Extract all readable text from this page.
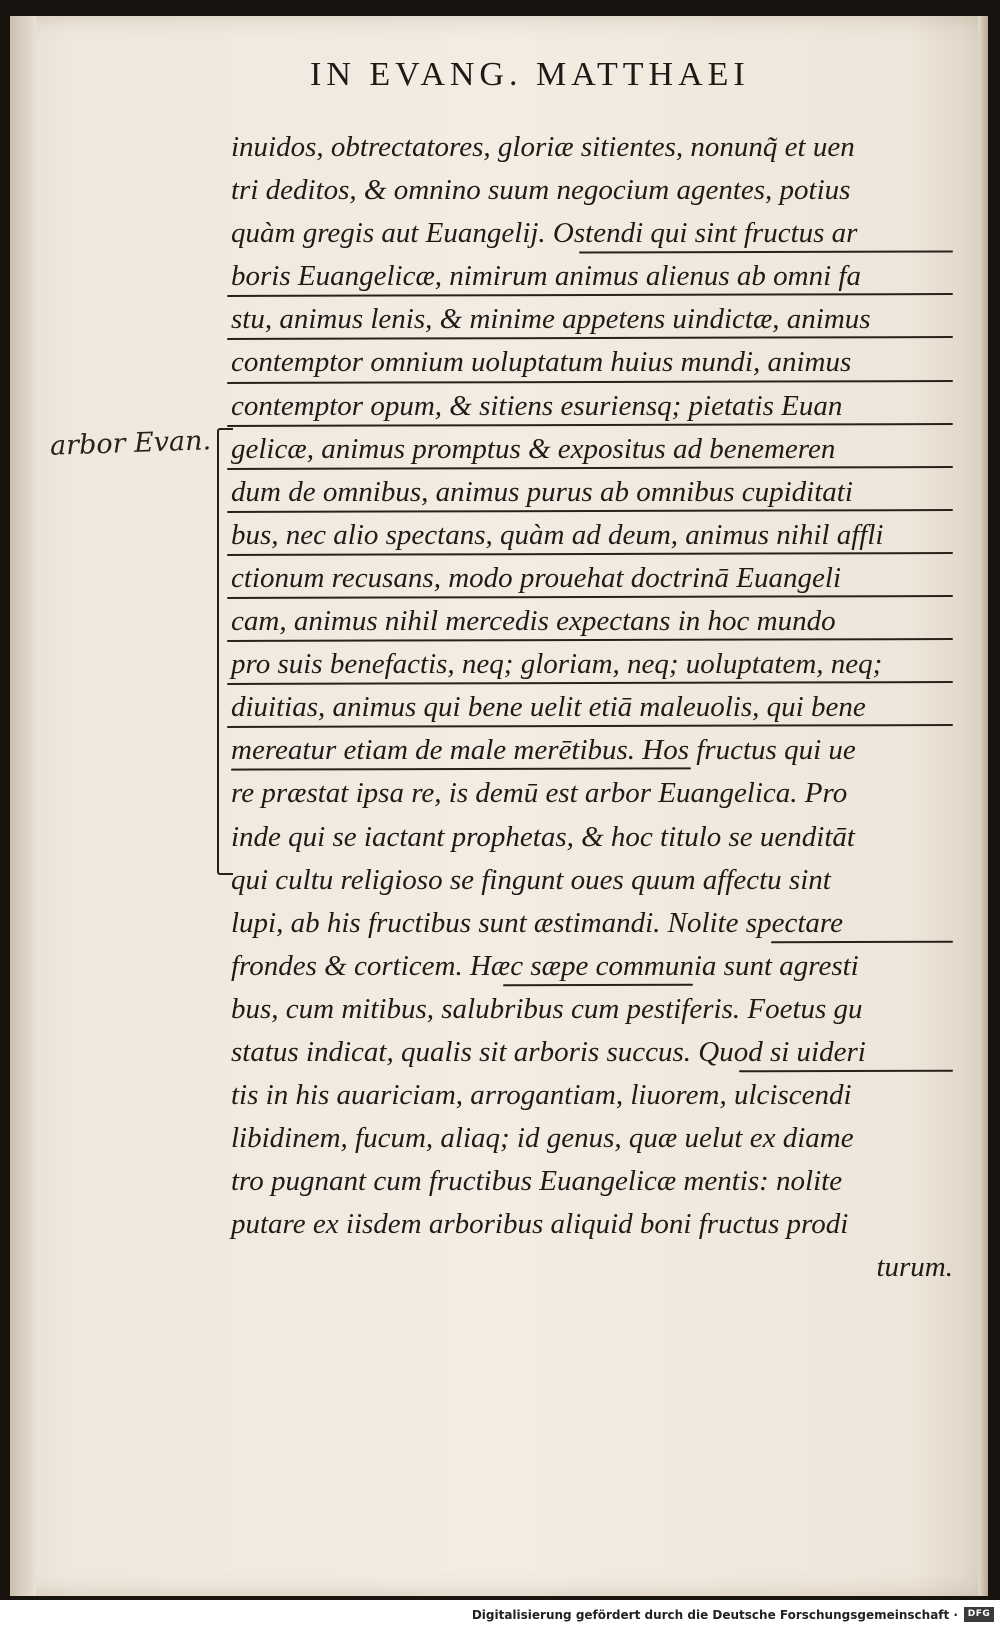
IN EVANG. MATTHAEI
arbor Evan.
inuidos, obtrectatores, gloriæ sitientes, nonunq̃ et uen
tri deditos, & omnino suum negocium agentes, potius
quàm gregis aut Euangelij. Ostendi qui sint fructus ar
boris Euangelicæ, nimirum animus alienus ab omni fa
stu, animus lenis, & minime appetens uindictæ, animus
contemptor omnium uoluptatum huius mundi, animus
contemptor opum, & sitiens esuriensq; pietatis Euan
gelicæ, animus promptus & expositus ad benemeren
dum de omnibus, animus purus ab omnibus cupiditati
bus, nec alio spectans, quàm ad deum, animus nihil affli
ctionum recusans, modo prouehat doctrinā Euangeli
cam, animus nihil mercedis expectans in hoc mundo
pro suis benefactis, neq; gloriam, neq; uoluptatem, neq;
diuitias, animus qui bene uelit etiā maleuolis, qui bene
mereatur etiam de male merētibus. Hos fructus qui ue
re præstat ipsa re, is demū est arbor Euangelica. Pro
inde qui se iactant prophetas, & hoc titulo se uenditāt
qui cultu religioso se fingunt oues quum affectu sint
lupi, ab his fructibus sunt æstimandi. Nolite spectare
frondes & corticem. Hæc sæpe communia sunt agresti
bus, cum mitibus, salubribus cum pestiferis. Foetus gu
status indicat, qualis sit arboris succus. Quod si uideri
tis in his auariciam, arrogantiam, liuorem, ulciscendi
libidinem, fucum, aliaq; id genus, quæ uelut ex diame
tro pugnant cum fructibus Euangelicæ mentis: nolite
putare ex iisdem arboribus aliquid boni fructus prodi
turum.
Digitalisierung gefördert durch die Deutsche Forschungsgemeinschaft ·	DFG
